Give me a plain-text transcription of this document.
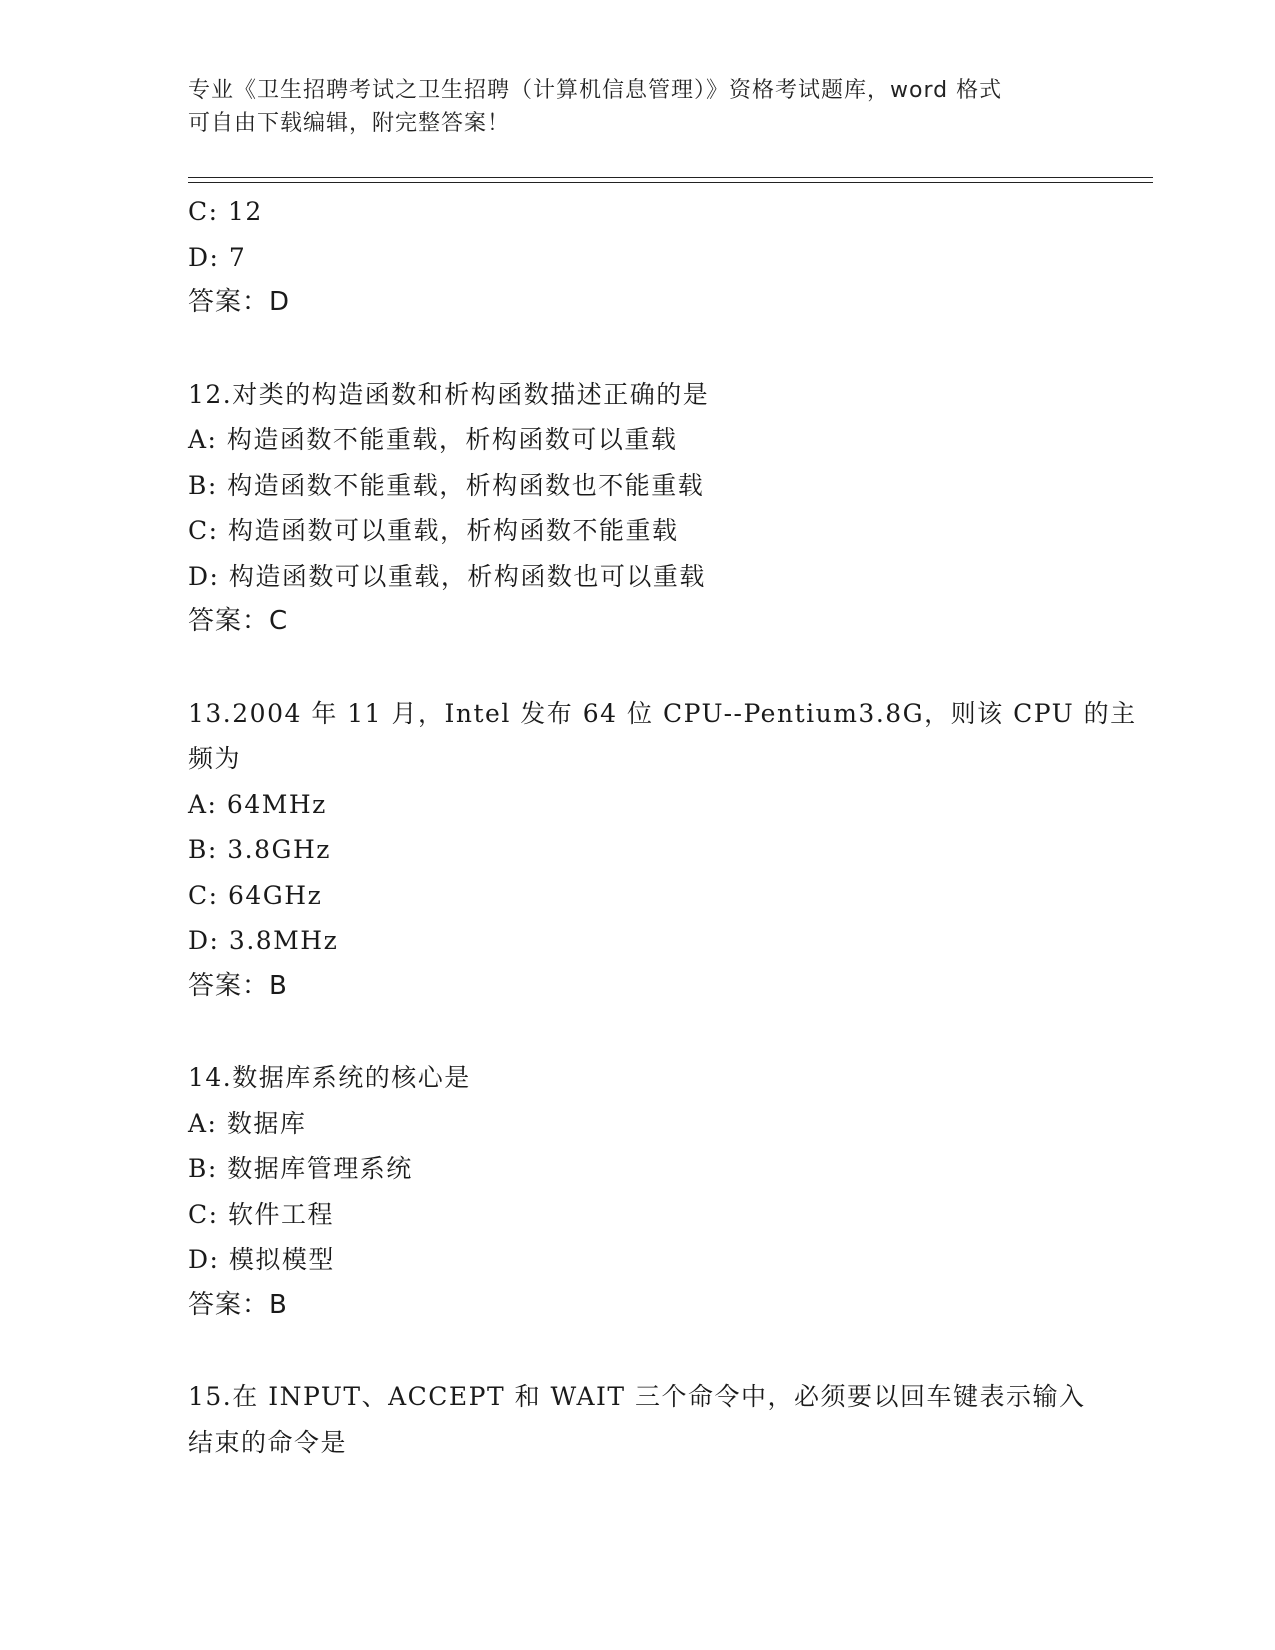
专业《卫生招聘考试之卫生招聘（计算机信息管理）》资格考试题库，word 格式
可自由下载编辑，附完整答案！
C: 12
D: 7
答案：D
12.对类的构造函数和析构函数描述正确的是
A: 构造函数不能重载，析构函数可以重载
B: 构造函数不能重载，析构函数也不能重载
C: 构造函数可以重载，析构函数不能重载
D: 构造函数可以重载，析构函数也可以重载
答案：C
13.2004 年 11 月，Intel 发布 64 位 CPU--Pentium3.8G，则该 CPU 的主
频为
A: 64MHz
B: 3.8GHz
C: 64GHz
D: 3.8MHz
答案：B
14.数据库系统的核心是
A: 数据库
B: 数据库管理系统
C: 软件工程
D: 模拟模型
答案：B
15.在 INPUT、ACCEPT 和 WAIT 三个命令中，必须要以回车键表示输入
结束的命令是
